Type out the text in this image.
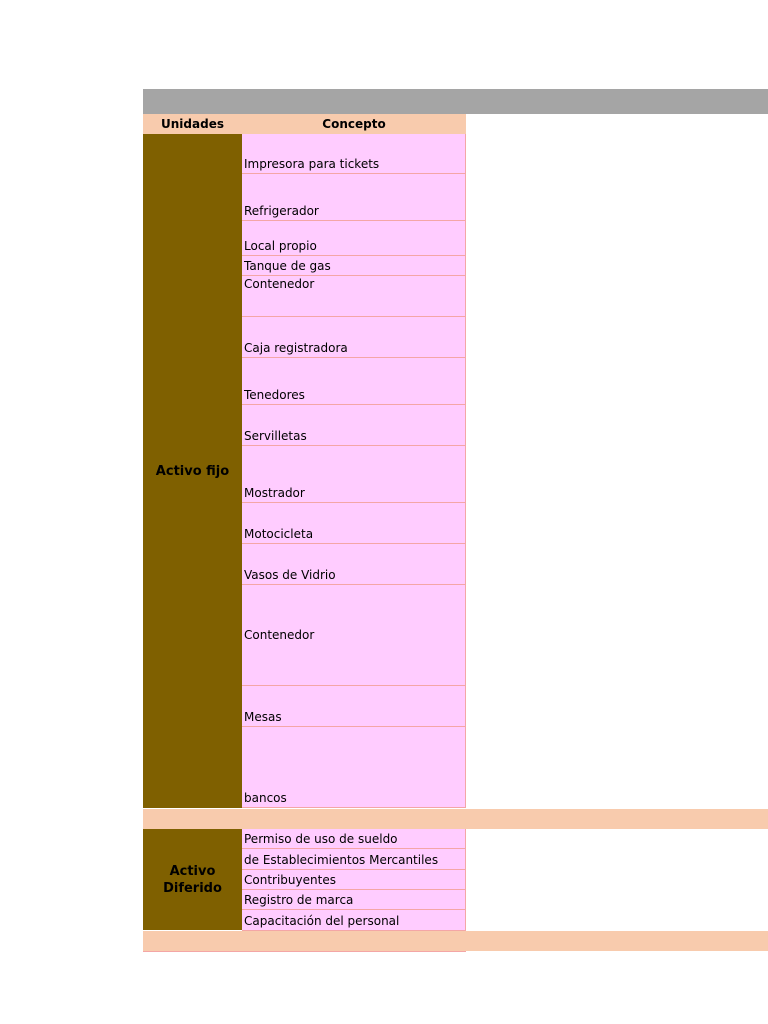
Unidades	Concepto
Activo fijo
Impresora para tickets
Refrigerador
Local propio
Tanque de gas
Contenedor
Caja registradora
Tenedores
Servilletas
Mostrador
Motocicleta
Vasos de Vidrio
Contenedor
Mesas
bancos
Activo Diferido
Permiso de uso de sueldo
de Establecimientos Mercantiles
Contribuyentes
Registro de marca
Capacitación del personal
